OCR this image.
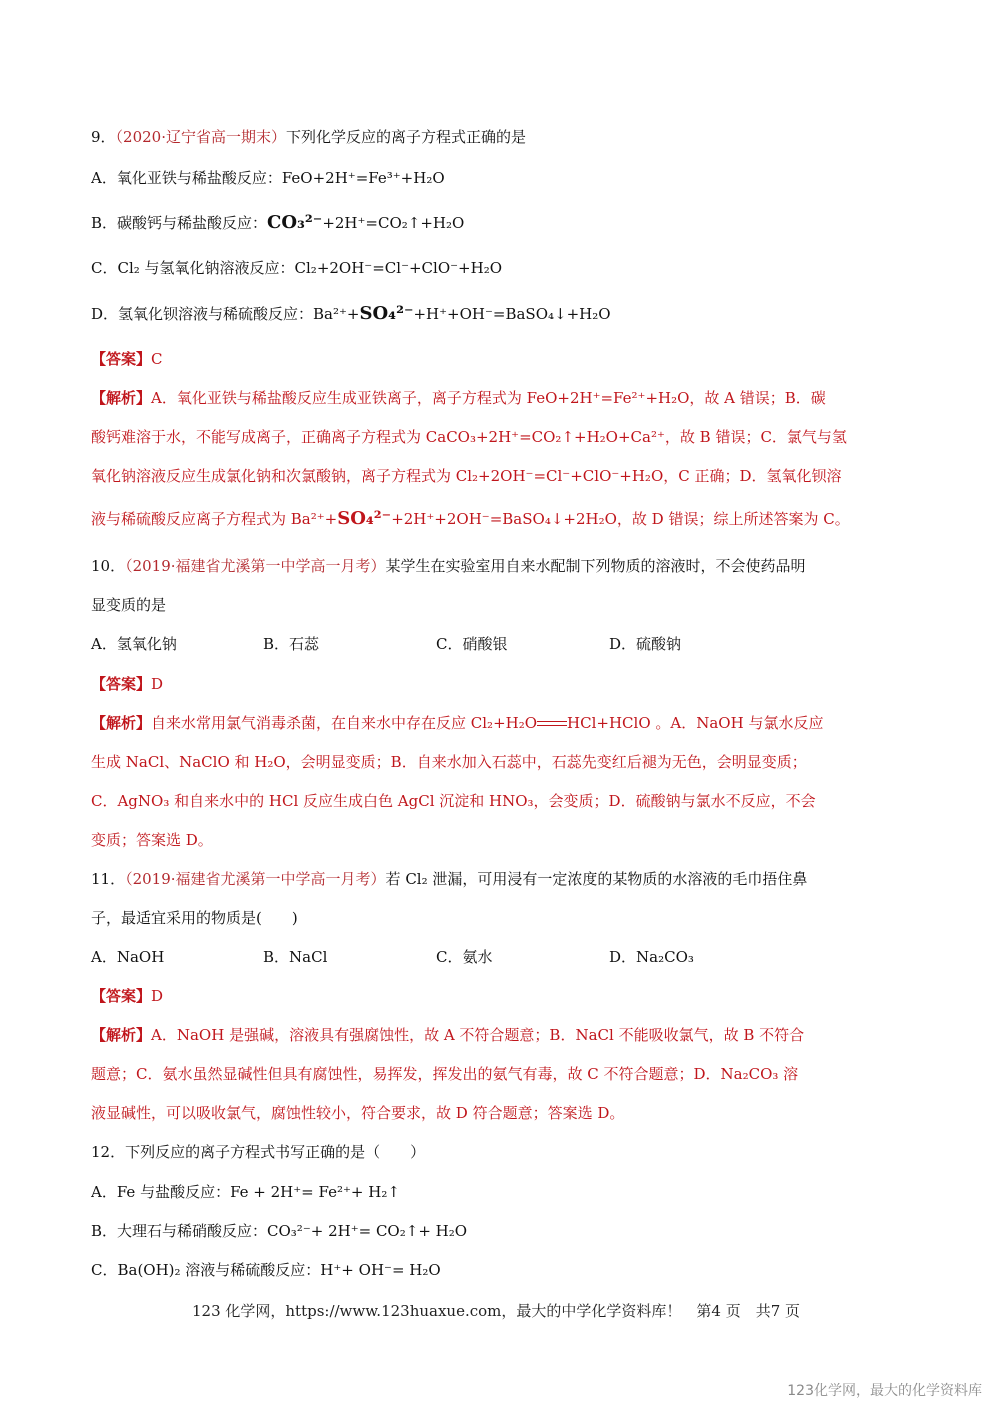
9．（2020·辽宁省高一期末）下列化学反应的离子方程式正确的是
A．氧化亚铁与稀盐酸反应：FeO+2H⁺=Fe³⁺+H₂O
B．碳酸钙与稀盐酸反应：CO₃²⁻+2H⁺=CO₂↑+H₂O
C．Cl₂ 与氢氧化钠溶液反应：Cl₂+2OH⁻=Cl⁻+ClO⁻+H₂O
D．氢氧化钡溶液与稀硫酸反应：Ba²⁺+SO₄²⁻+H⁺+OH⁻=BaSO₄↓+H₂O
【答案】C
【解析】A．氧化亚铁与稀盐酸反应生成亚铁离子，离子方程式为 FeO+2H⁺=Fe²⁺+H₂O，故 A 错误；B．碳
酸钙难溶于水，不能写成离子，正确离子方程式为 CaCO₃+2H⁺=CO₂↑+H₂O+Ca²⁺，故 B 错误；C．氯气与氢
氧化钠溶液反应生成氯化钠和次氯酸钠，离子方程式为 Cl₂+2OH⁻=Cl⁻+ClO⁻+H₂O，C 正确；D．氢氧化钡溶
液与稀硫酸反应离子方程式为 Ba²⁺+SO₄²⁻+2H⁺+2OH⁻=BaSO₄↓+2H₂O，故 D 错误；综上所述答案为 C。
10．（2019·福建省尤溪第一中学高一月考）某学生在实验室用自来水配制下列物质的溶液时，不会使药品明
显变质的是
A．氢氧化钠	B．石蕊	C．硝酸银	D．硫酸钠
【答案】D
【解析】自来水常用氯气消毒杀菌，在自来水中存在反应 Cl₂+H₂O HCl+HClO 。A．NaOH 与氯水反应
生成 NaCl、NaClO 和 H₂O，会明显变质；B．自来水加入石蕊中，石蕊先变红后褪为无色，会明显变质；
C．AgNO₃ 和自来水中的 HCl 反应生成白色 AgCl 沉淀和 HNO₃，会变质；D．硫酸钠与氯水不反应，不会
变质；答案选 D。
11．（2019·福建省尤溪第一中学高一月考）若 Cl₂ 泄漏，可用浸有一定浓度的某物质的水溶液的毛巾捂住鼻
子，最适宜采用的物质是(　　)
A．NaOH	B．NaCl	C．氨水	D．Na₂CO₃
【答案】D
【解析】A．NaOH 是强碱，溶液具有强腐蚀性，故 A 不符合题意；B．NaCl 不能吸收氯气，故 B 不符合
题意；C．氨水虽然显碱性但具有腐蚀性，易挥发，挥发出的氨气有毒，故 C 不符合题意；D．Na₂CO₃ 溶
液显碱性，可以吸收氯气，腐蚀性较小，符合要求，故 D 符合题意；答案选 D。
12．下列反应的离子方程式书写正确的是（　　）
A．Fe 与盐酸反应：Fe + 2H⁺= Fe²⁺+ H₂↑
B．大理石与稀硝酸反应：CO₃²⁻+ 2H⁺= CO₂↑+ H₂O
C．Ba(OH)₂ 溶液与稀硫酸反应：H⁺+ OH⁻= H₂O
123 化学网，https://www.123huaxue.com，最大的中学化学资料库！　第4 页　共7 页
123化学网，最大的化学资料库
